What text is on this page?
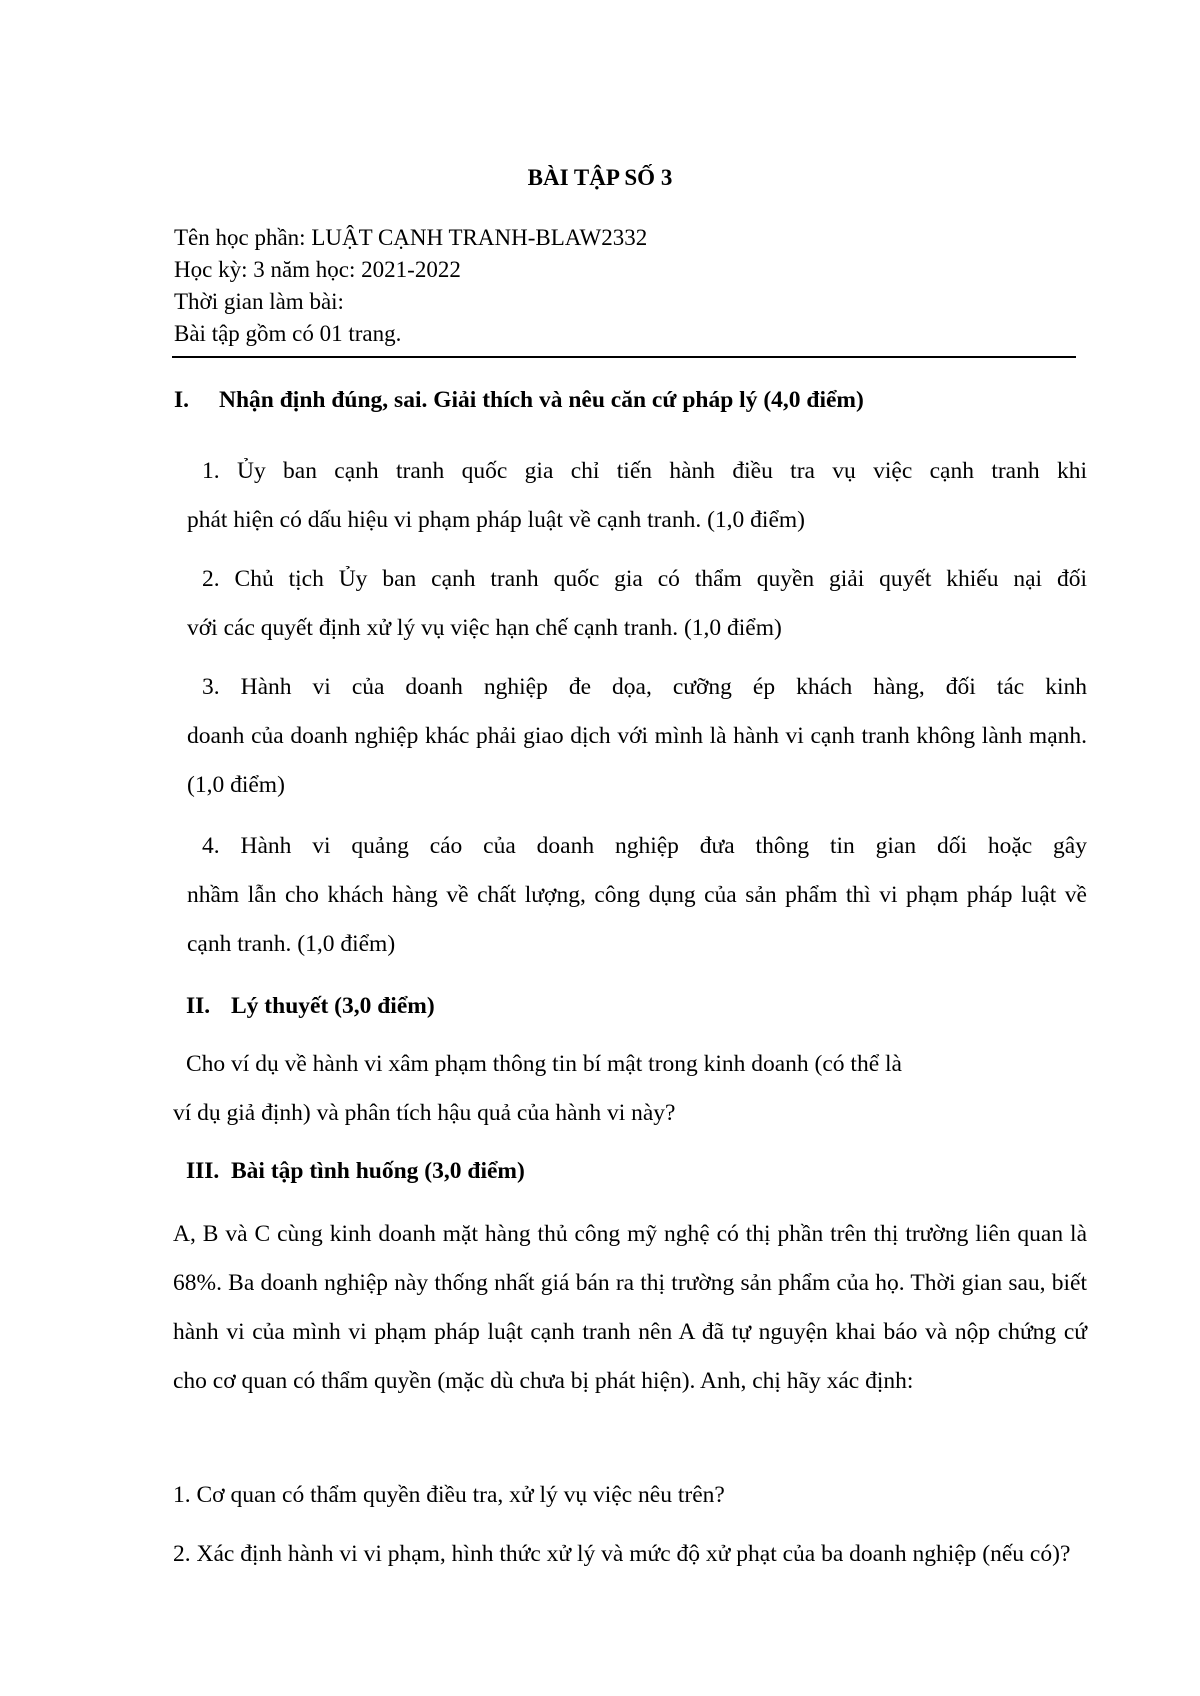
BÀI TẬP SỐ 3
Tên học phần: LUẬT CẠNH TRANH-BLAW2332
Học kỳ: 3 năm học: 2021-2022
Thời gian làm bài:
Bài tập gồm có 01 trang.
I. Nhận định đúng, sai. Giải thích và nêu căn cứ pháp lý (4,0 điểm)
1. Ủy ban cạnh tranh quốc gia chỉ tiến hành điều tra vụ việc cạnh tranh khi
phát hiện có dấu hiệu vi phạm pháp luật về cạnh tranh. (1,0 điểm)
2. Chủ tịch Ủy ban cạnh tranh quốc gia có thẩm quyền giải quyết khiếu nại đối
với các quyết định xử lý vụ việc hạn chế cạnh tranh. (1,0 điểm)
3. Hành vi của doanh nghiệp đe dọa, cưỡng ép khách hàng, đối tác kinh
doanh của doanh nghiệp khác phải giao dịch với mình là hành vi cạnh tranh không lành mạnh. (1,0 điểm)
4. Hành vi quảng cáo của doanh nghiệp đưa thông tin gian dối hoặc gây
nhầm lẫn cho khách hàng về chất lượng, công dụng của sản phẩm thì vi phạm pháp luật về cạnh tranh. (1,0 điểm)
II. Lý thuyết (3,0 điểm)
Cho ví dụ về hành vi xâm phạm thông tin bí mật trong kinh doanh (có thể là
ví dụ giả định) và phân tích hậu quả của hành vi này?
III. Bài tập tình huống (3,0 điểm)
A, B và C cùng kinh doanh mặt hàng thủ công mỹ nghệ có thị phần trên thị trường liên quan là 68%. Ba doanh nghiệp này thống nhất giá bán ra thị trường sản phẩm của họ. Thời gian sau, biết hành vi của mình vi phạm pháp luật cạnh tranh nên A đã tự nguyện khai báo và nộp chứng cứ cho cơ quan có thẩm quyền (mặc dù chưa bị phát hiện). Anh, chị hãy xác định:
1. Cơ quan có thẩm quyền điều tra, xử lý vụ việc nêu trên?
2. Xác định hành vi vi phạm, hình thức xử lý và mức độ xử phạt của ba doanh nghiệp (nếu có)?
